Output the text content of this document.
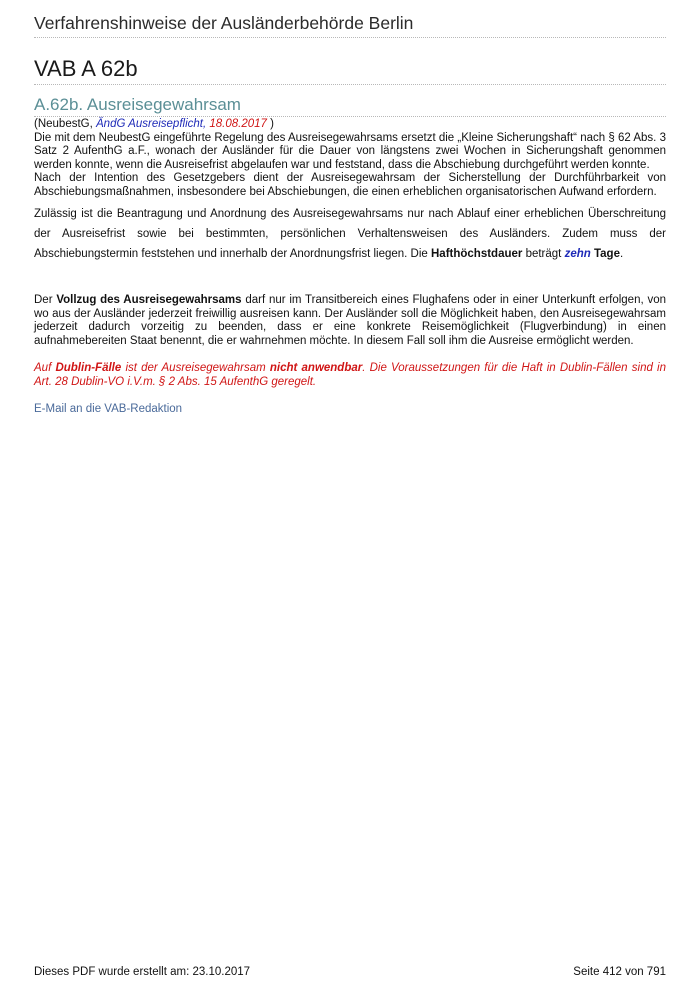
Verfahrenshinweise der Ausländerbehörde Berlin
VAB A 62b
A.62b. Ausreisegewahrsam
(NeubestG, ÄndG Ausreisepflicht, 18.08.2017 )

Die mit dem NeubestG eingeführte Regelung des Ausreisegewahrsams ersetzt die „Kleine Sicherungshaft“ nach § 62 Abs. 3 Satz 2 AufenthG a.F., wonach der Ausländer für die Dauer von längstens zwei Wochen in Sicherungshaft genommen werden konnte, wenn die Ausreisefrist abgelaufen war und feststand, dass die Abschiebung durchgeführt werden konnte.

Nach der Intention des Gesetzgebers dient der Ausreisegewahrsam der Sicherstellung der Durchführbarkeit von Abschiebungsmaßnahmen, insbesondere bei Abschiebungen, die einen erheblichen organisatorischen Aufwand erfordern.

Zulässig ist die Beantragung und Anordnung des Ausreisegewahrsams nur nach Ablauf einer erheblichen Überschreitung der Ausreisefrist sowie bei bestimmten, persönlichen Verhaltensweisen des Ausländers. Zudem muss der Abschiebungstermin feststehen und innerhalb der Anordnungsfrist liegen. Die Hafthöchstdauer beträgt zehn Tage.

Der Vollzug des Ausreisegewahrsams darf nur im Transitbereich eines Flughafens oder in einer Unterkunft erfolgen, von wo aus der Ausländer jederzeit freiwillig ausreisen kann. Der Ausländer soll die Möglichkeit haben, den Ausreisegewahrsam jederzeit dadurch vorzeitig zu beenden, dass er eine konkrete Reisemöglichkeit (Flugverbindung) in einen aufnahmebereiten Staat benennt, die er wahrnehmen möchte. In diesem Fall soll ihm die Ausreise ermöglicht werden.

Auf Dublin-Fälle ist der Ausreisegewahrsam nicht anwendbar. Die Voraussetzungen für die Haft in Dublin-Fällen sind in Art. 28 Dublin-VO i.V.m. § 2 Abs. 15 AufenthG geregelt.

E-Mail an die VAB-Redaktion
Dieses PDF wurde erstellt am: 23.10.2017	Seite 412 von 791
